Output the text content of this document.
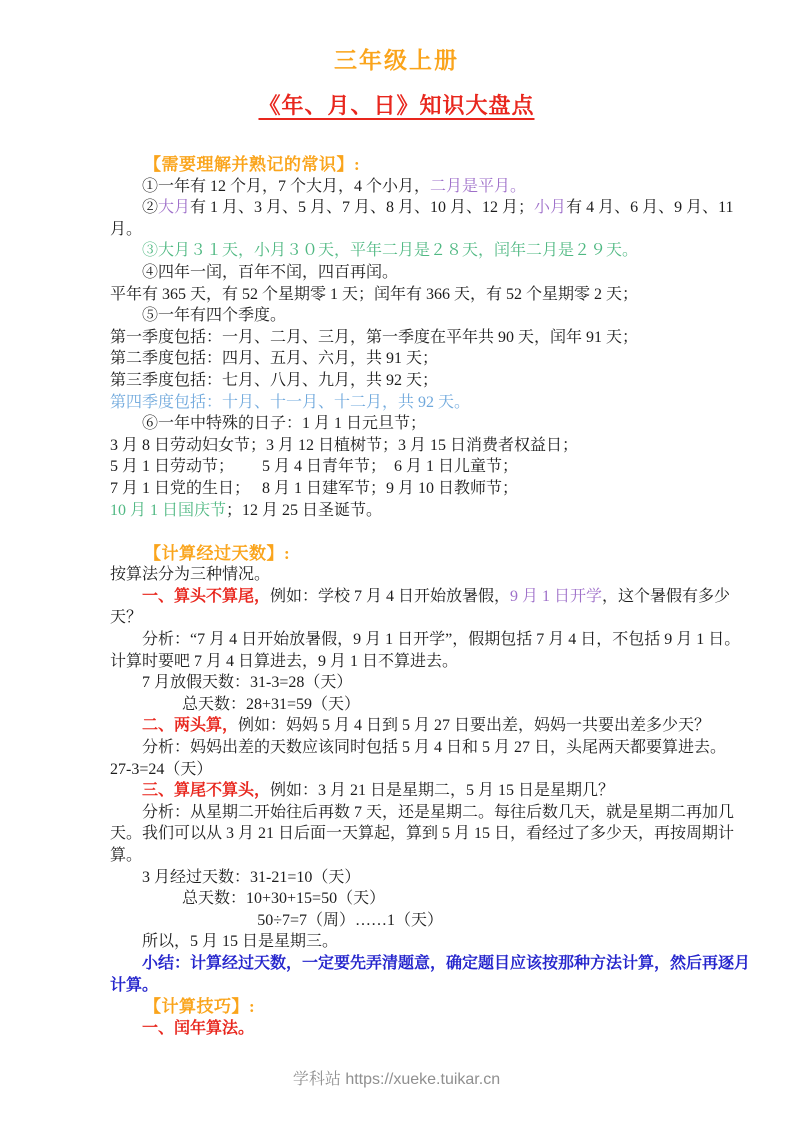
三年级上册
《年、月、日》知识大盘点
【需要理解并熟记的常识】:
①一年有 12 个月，7 个大月，4 个小月，二月是平月。
②大月有 1 月、3 月、5 月、7 月、8 月、10 月、12 月；小月有 4 月、6 月、9 月、11 月。
③大月３１天，小月３０天，平年二月是２８天，闰年二月是２９天。
④四年一闰，百年不闰，四百再闰。
平年有 365 天，有 52 个星期零 1 天；闰年有 366 天，有 52 个星期零 2 天；
⑤一年有四个季度。
第一季度包括：一月、二月、三月，第一季度在平年共 90 天，闰年 91 天；
第二季度包括：四月、五月、六月，共 91 天；
第三季度包括：七月、八月、九月，共 92 天；
第四季度包括：十月、十一月、十二月，共 92 天。
⑥一年中特殊的日子：1 月 1 日元旦节；
3 月 8 日劳动妇女节；3 月 12 日植树节；3 月 15 日消费者权益日；
5 月 1 日劳动节；　　 5 月 4 日青年节；　6 月 1 日儿童节；
7 月 1 日党的生日；　 8 月 1 日建军节；9 月 10 日教师节；
10 月 1 日国庆节；12 月 25 日圣诞节。
【计算经过天数】:
按算法分为三种情况。
一、算头不算尾，例如：学校 7 月 4 日开始放暑假，9 月 1 日开学，这个暑假有多少天？
分析：“7 月 4 日开始放暑假，9 月 1 日开学”，假期包括 7 月 4 日，不包括 9 月 1 日。计算时要吧 7 月 4 日算进去，9 月 1 日不算进去。
7 月放假天数：31-3=28（天）
总天数：28+31=59（天）
二、两头算，例如：妈妈 5 月 4 日到 5 月 27 日要出差，妈妈一共要出差多少天？
分析：妈妈出差的天数应该同时包括 5 月 4 日和 5 月 27 日，头尾两天都要算进去。
27-3=24（天）
三、算尾不算头，例如：3 月 21 日是星期二，5 月 15 日是星期几？
分析：从星期二开始往后再数 7 天，还是星期二。每往后数几天，就是星期二再加几天。我们可以从 3 月 21 日后面一天算起，算到 5 月 15 日，看经过了多少天，再按周期计算。
3 月经过天数：31-21=10（天）
总天数：10+30+15=50（天）
50÷7=7（周）……1（天）
所以，5 月 15 日是星期三。
小结：计算经过天数，一定要先弄清题意，确定题目应该按那种方法计算，然后再逐月计算。
【计算技巧】:
一、闰年算法。
学科站 https://xueke.tuikar.cn
